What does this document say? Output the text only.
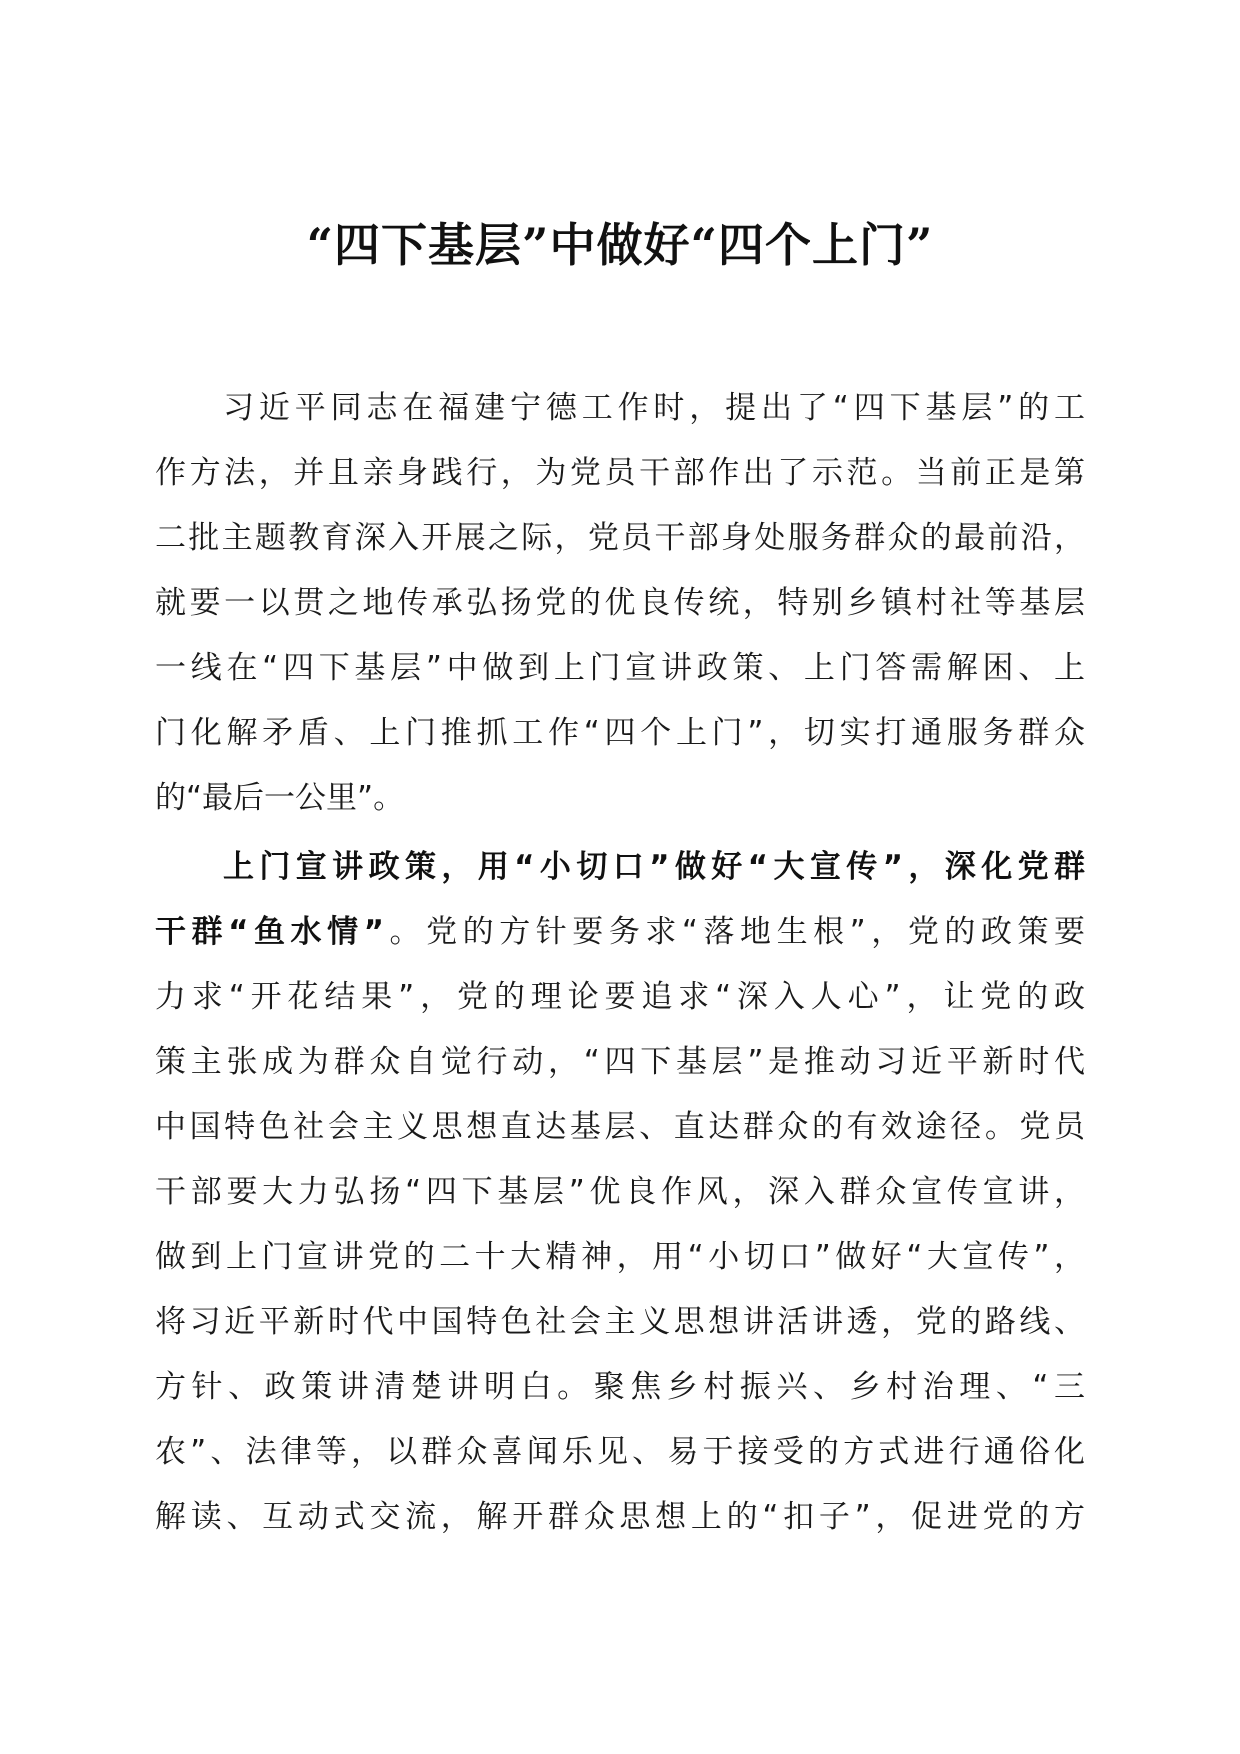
“四下基层”中做好“四个上门”
习近平同志在福建宁德工作时，提出了“四下基层”的工
作方法，并且亲身践行，为党员干部作出了示范。当前正是第
二批主题教育深入开展之际，党员干部身处服务群众的最前沿，
就要一以贯之地传承弘扬党的优良传统，特别乡镇村社等基层
一线在“四下基层”中做到上门宣讲政策、上门答需解困、上
门化解矛盾、上门推抓工作“四个上门”，切实打通服务群众
的“最后一公里”。
上门宣讲政策，用“小切口”做好“大宣传”，深化党群
干群“鱼水情”。党的方针要务求“落地生根”，党的政策要
力求“开花结果”，党的理论要追求“深入人心”，让党的政
策主张成为群众自觉行动，“四下基层”是推动习近平新时代
中国特色社会主义思想直达基层、直达群众的有效途径。党员
干部要大力弘扬“四下基层”优良作风，深入群众宣传宣讲，
做到上门宣讲党的二十大精神，用“小切口”做好“大宣传”，
将习近平新时代中国特色社会主义思想讲活讲透，党的路线、
方针、政策讲清楚讲明白。聚焦乡村振兴、乡村治理、“三
农”、法律等，以群众喜闻乐见、易于接受的方式进行通俗化
解读、互动式交流，解开群众思想上的“扣子”，促进党的方
